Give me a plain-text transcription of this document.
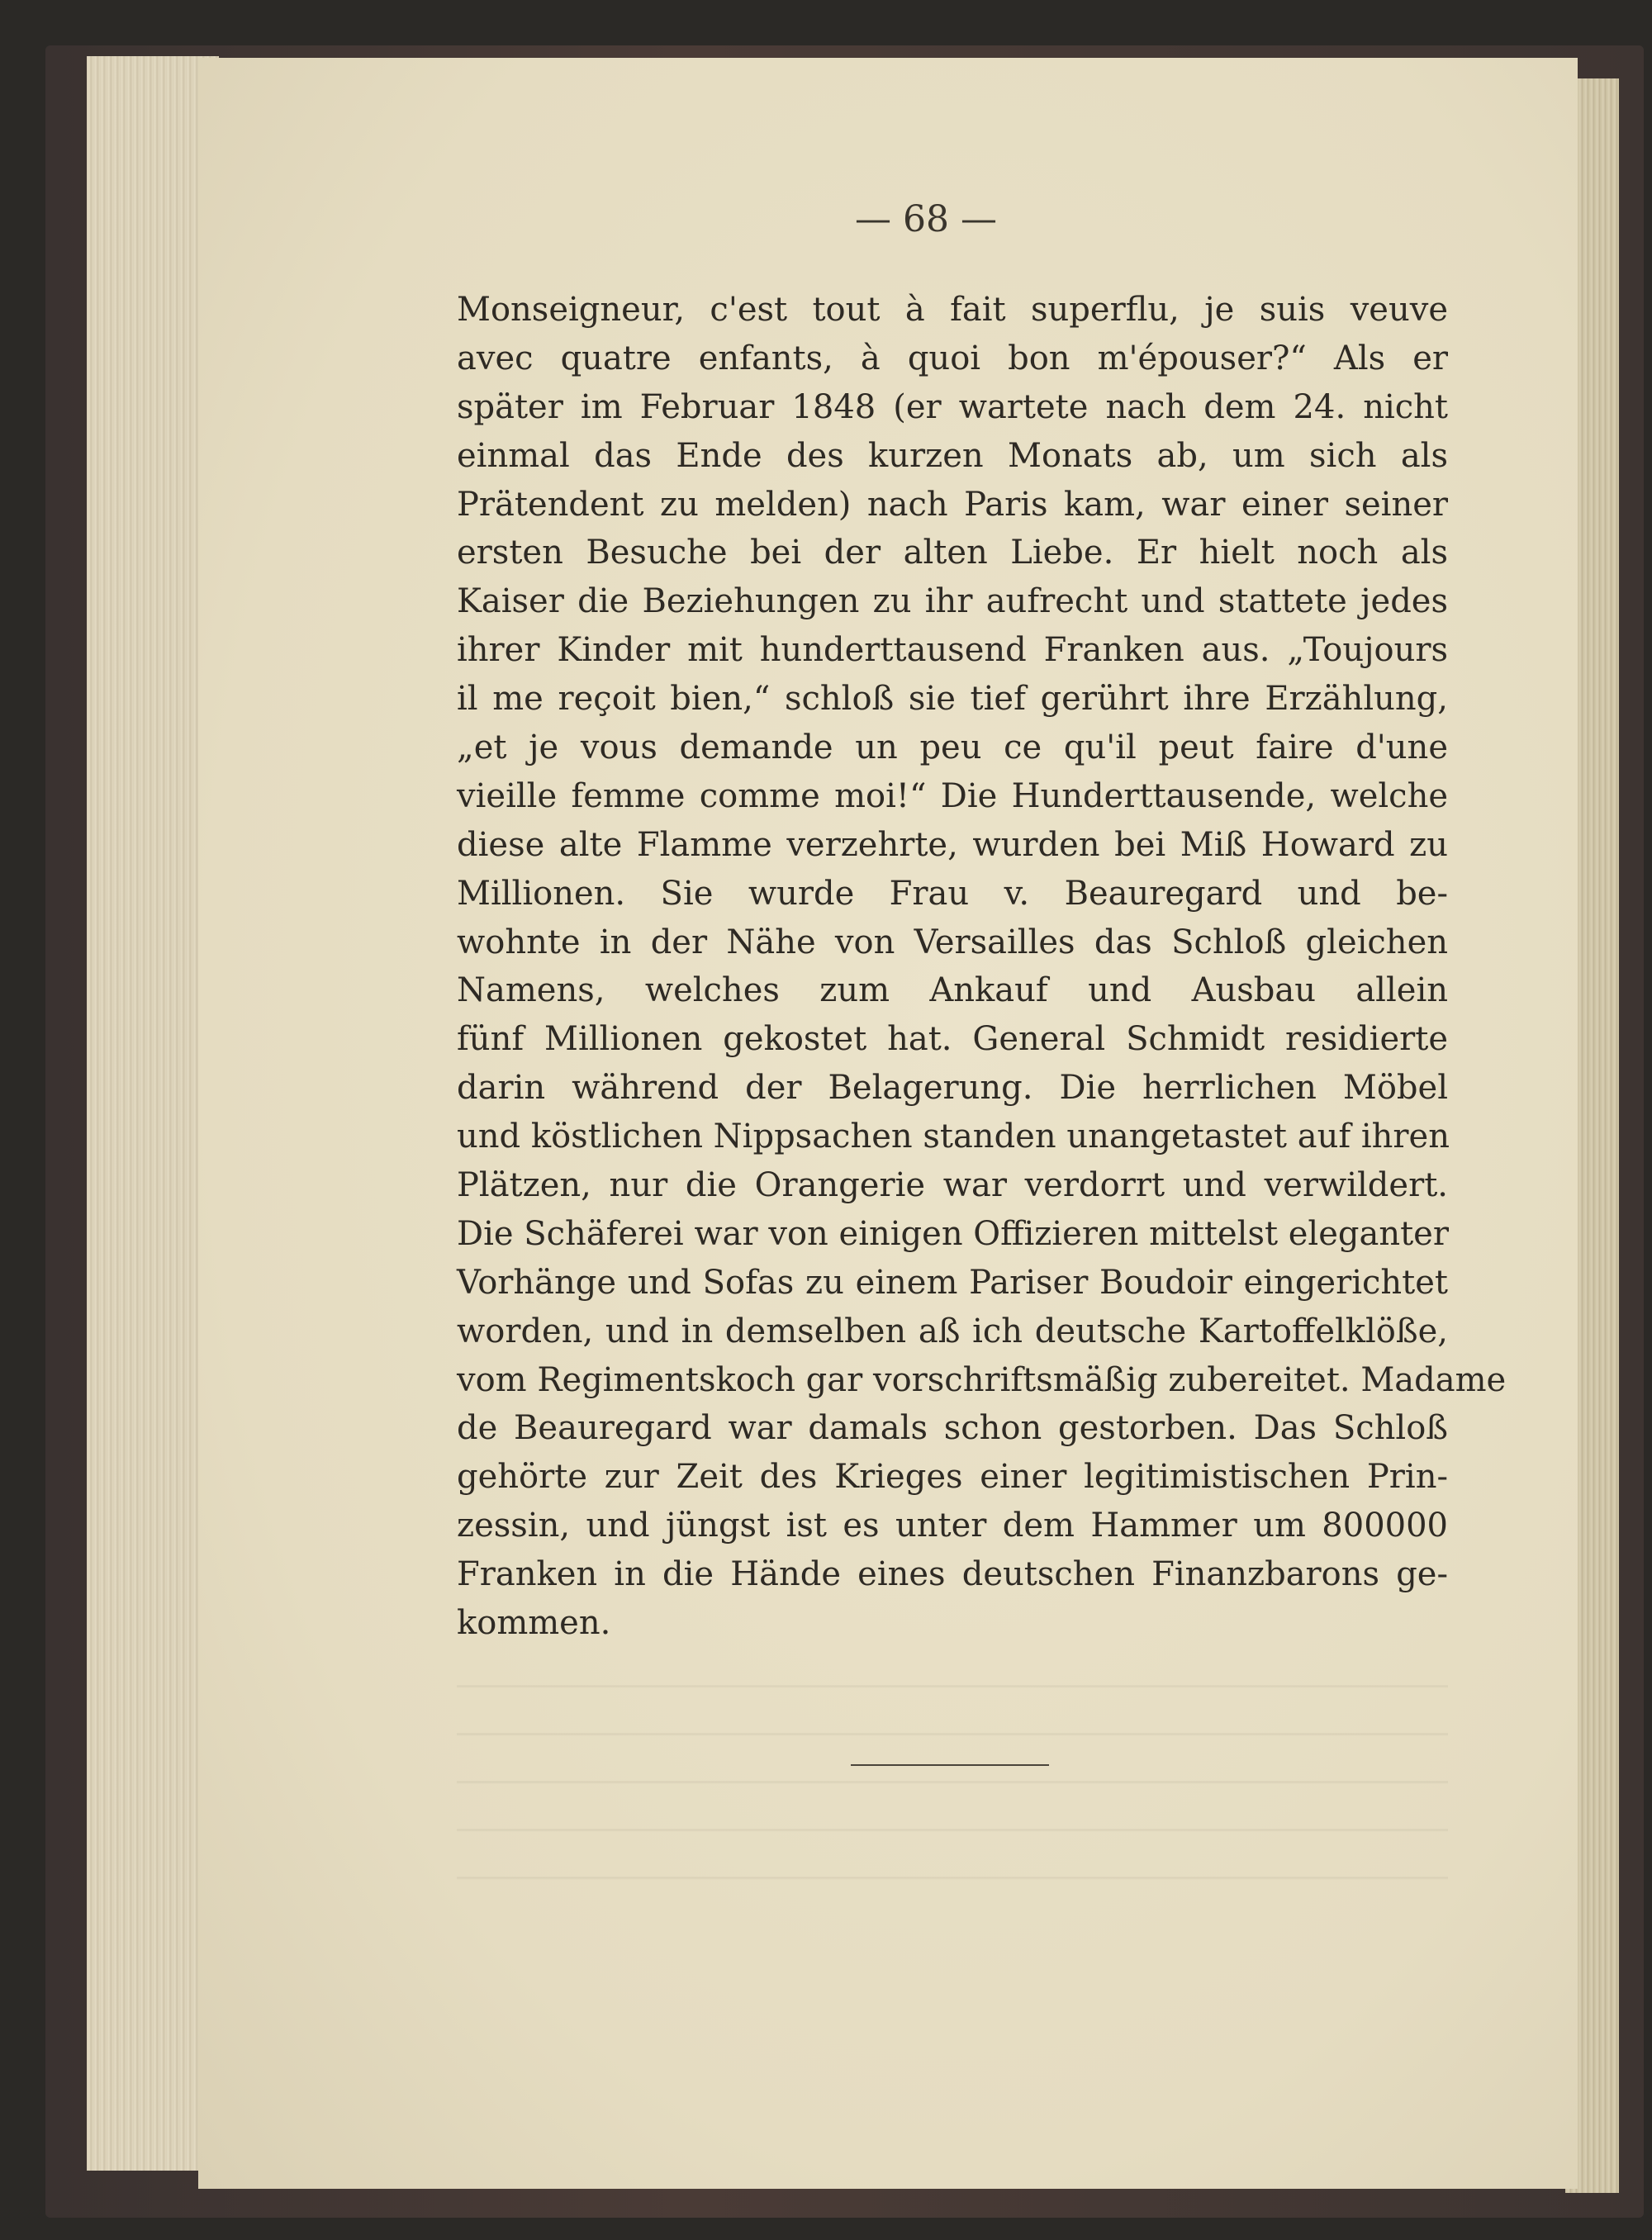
— 68 —
Monseigneur, c'est tout à fait superflu, je suis veuve
avec quatre enfants, à quoi bon m'épouser?“ Als er
später im Februar 1848 (er wartete nach dem 24. nicht
einmal das Ende des kurzen Monats ab, um sich als
Prätendent zu melden) nach Paris kam, war einer seiner
ersten Besuche bei der alten Liebe. Er hielt noch als
Kaiser die Beziehungen zu ihr aufrecht und stattete jedes
ihrer Kinder mit hunderttausend Franken aus. „Toujours
il me reçoit bien,“ schloß sie tief gerührt ihre Erzählung,
„et je vous demande un peu ce qu'il peut faire d'une
vieille femme comme moi!“ Die Hunderttausende, welche
diese alte Flamme verzehrte, wurden bei Miß Howard zu
Millionen. Sie wurde Frau v. Beauregard und be-
wohnte in der Nähe von Versailles das Schloß gleichen
Namens, welches zum Ankauf und Ausbau allein
fünf Millionen gekostet hat. General Schmidt residierte
darin während der Belagerung. Die herrlichen Möbel
und köstlichen Nippsachen standen unangetastet auf ihren
Plätzen, nur die Orangerie war verdorrt und verwildert.
Die Schäferei war von einigen Offizieren mittelst eleganter
Vorhänge und Sofas zu einem Pariser Boudoir eingerichtet
worden, und in demselben aß ich deutsche Kartoffelklöße,
vom Regimentskoch gar vorschriftsmäßig zubereitet. Madame
de Beauregard war damals schon gestorben. Das Schloß
gehörte zur Zeit des Krieges einer legitimistischen Prin-
zessin, und jüngst ist es unter dem Hammer um 800000
Franken in die Hände eines deutschen Finanzbarons ge-
kommen.
